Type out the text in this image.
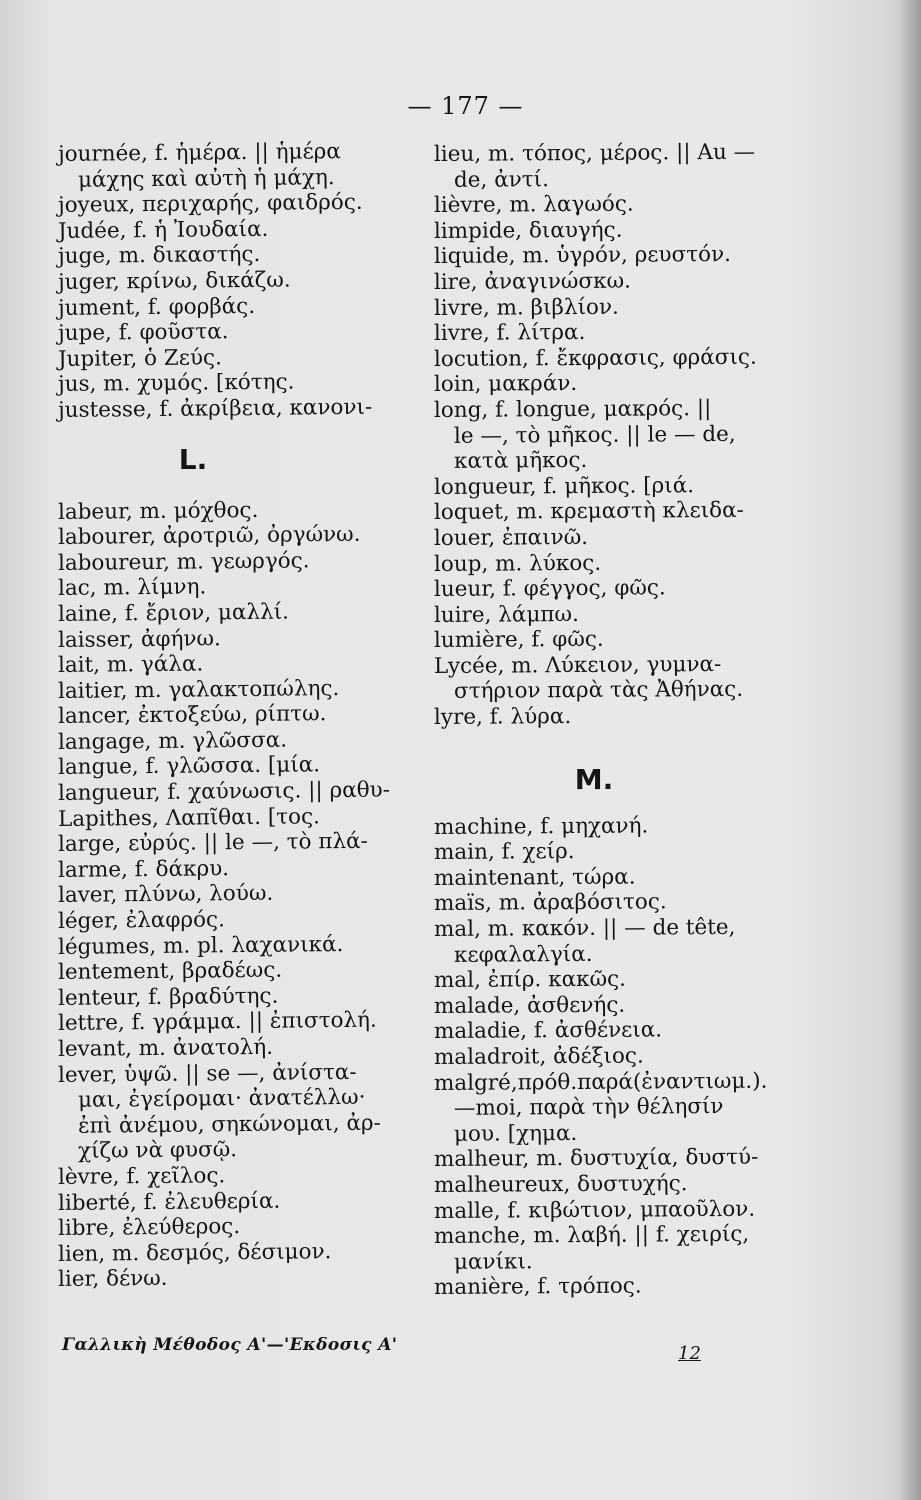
— 177 —
journée, f. ἡμέρα. || ἡμέρα
μάχης καὶ αὐτὴ ἡ μάχη.
joyeux, περιχαρής, φαιδρός.
Judée, f. ἡ Ἰουδαία.
juge, m. δικαστής.
juger, κρίνω, δικάζω.
jument, f. φορβάς.
jupe, f. φοῦστα.
Jupiter, ὁ Ζεύς.
jus, m. χυμός. [κότης.
justesse, f. ἀκρίβεια, κανονι-
L.
labeur, m. μόχθος.
labourer, ἀροτριῶ, ὀργώνω.
laboureur, m. γεωργός.
lac, m. λίμνη.
laine, f. ἔριον, μαλλί.
laisser, ἀφήνω.
lait, m. γάλα.
laitier, m. γαλακτοπώλης.
lancer, ἐκτοξεύω, ρίπτω.
langage, m. γλῶσσα.
langue, f. γλῶσσα. [μία.
langueur, f. χαύνωσις. || ραθυ-
Lapithes, Λαπῖθαι. [τος.
large, εὐρύς. || le —, τὸ πλά-
larme, f. δάκρυ.
laver, πλύνω, λούω.
léger, ἐλαφρός.
légumes, m. pl. λαχανικά.
lentement, βραδέως.
lenteur, f. βραδύτης.
lettre, f. γράμμα. || ἐπιστολή.
levant, m. ἀνατολή.
lever, ὑψῶ. || se —, ἀνίστα-
μαι, ἐγείρομαι· ἀνατέλλω·
ἐπὶ ἀνέμου, σηκώνομαι, ἀρ-
χίζω νὰ φυσῷ.
lèvre, f. χεῖλος.
liberté, f. ἐλευθερία.
libre, ἐλεύθερος.
lien, m. δεσμός, δέσιμον.
lier, δένω.
lieu, m. τόπος, μέρος. || Au —
de, ἀντί.
lièvre, m. λαγωός.
limpide, διαυγής.
liquide, m. ὑγρόν, ρευστόν.
lire, ἀναγινώσκω.
livre, m. βιβλίον.
livre, f. λίτρα.
locution, f. ἔκφρασις, φράσις.
loin, μακράν.
long, f. longue, μακρός. ||
le —, τὸ μῆκος. || le — de,
κατὰ μῆκος.
longueur, f. μῆκος. [ριά.
loquet, m. κρεμαστὴ κλειδα-
louer, ἐπαινῶ.
loup, m. λύκος.
lueur, f. φέγγος, φῶς.
luire, λάμπω.
lumière, f. φῶς.
Lycée, m. Λύκειον, γυμνα-
στήριον παρὰ τὰς Ἀθήνας.
lyre, f. λύρα.
M.
machine, f. μηχανή.
main, f. χείρ.
maintenant, τώρα.
maïs, m. ἀραβόσιτος.
mal, m. κακόν. || — de tête,
κεφαλαλγία.
mal, ἐπίρ. κακῶς.
malade, ἀσθενής.
maladie, f. ἀσθένεια.
maladroit, ἀδέξιος.
malgré,πρόθ.παρά(ἐναντιωμ.).
—moi, παρὰ τὴν θέλησίν
μου. [χημα.
malheur, m. δυστυχία, δυστύ-
malheureux, δυστυχής.
malle, f. κιβώτιον, μπαοῦλον.
manche, m. λαβή. || f. χειρίς,
μανίκι.
manière, f. τρόπος.
Γαλλικὴ Μέθοδος Α'—'Εκδοσις Α'	12
